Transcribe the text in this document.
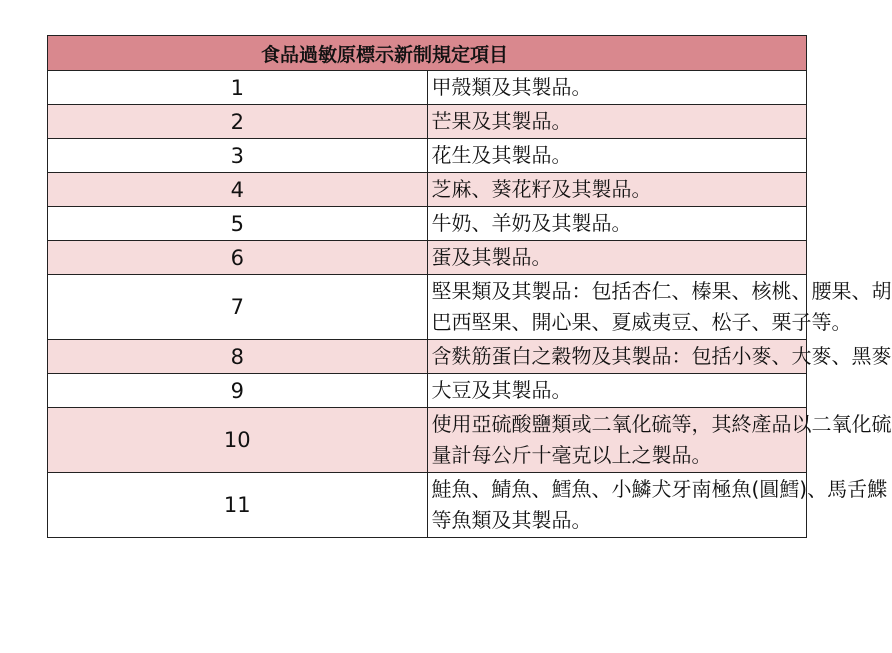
食品過敏原標示新制規定項目	
1	甲殼類及其製品。

2	芒果及其製品。

3	花生及其製品。

4	芝麻、葵花籽及其製品。

5	牛奶、羊奶及其製品。

6	蛋及其製品。

7	堅果類及其製品：包括杏仁、榛果、核桃、腰果、胡
巴西堅果、開心果、夏威夷豆、松子、栗子等。

8	含麩筋蛋白之穀物及其製品：包括小麥、大麥、黑麥

9	大豆及其製品。

10	使用亞硫酸鹽類或二氧化硫等，其終產品以二氧化硫
量計每公斤十毫克以上之製品。

11	鮭魚、鯖魚、鱈魚、小鱗犬牙南極魚(圓鱈)、馬舌鰈
等魚類及其製品。
